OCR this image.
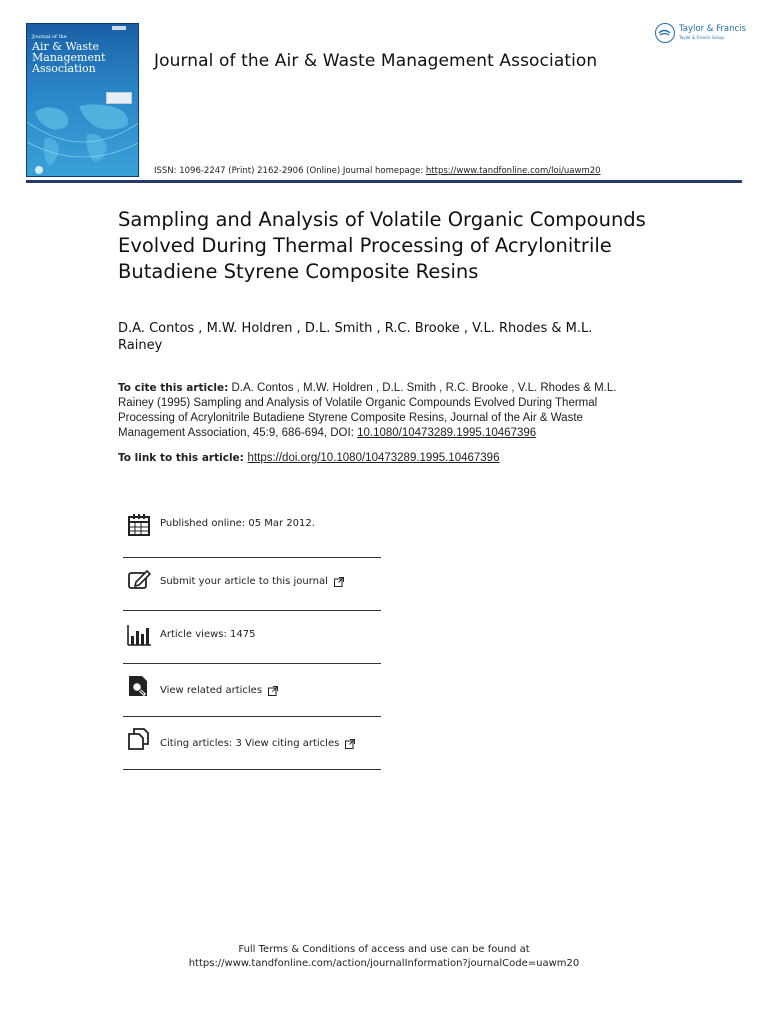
Journal of the
Air & Waste
Management
Association	Journal of the Air & Waste Management Association
Taylor & Francis
Taylor & Francis Group
ISSN: 1096-2247 (Print) 2162-2906 (Online) Journal homepage: https://www.tandfonline.com/loi/uawm20
Sampling and Analysis of Volatile Organic Compounds Evolved During Thermal Processing of Acrylonitrile Butadiene Styrene Composite Resins
D.A. Contos , M.W. Holdren , D.L. Smith , R.C. Brooke , V.L. Rhodes & M.L. Rainey
To cite this article: D.A. Contos , M.W. Holdren , D.L. Smith , R.C. Brooke , V.L. Rhodes & M.L. Rainey (1995) Sampling and Analysis of Volatile Organic Compounds Evolved During Thermal Processing of Acrylonitrile Butadiene Styrene Composite Resins, Journal of the Air & Waste Management Association, 45:9, 686-694, DOI: 10.1080/10473289.1995.10467396
To link to this article: https://doi.org/10.1080/10473289.1995.10467396
Published online: 05 Mar 2012.
Submit your article to this journal
Article views: 1475
View related articles
Citing articles: 3 View citing articles
Full Terms & Conditions of access and use can be found at
https://www.tandfonline.com/action/journalInformation?journalCode=uawm20
